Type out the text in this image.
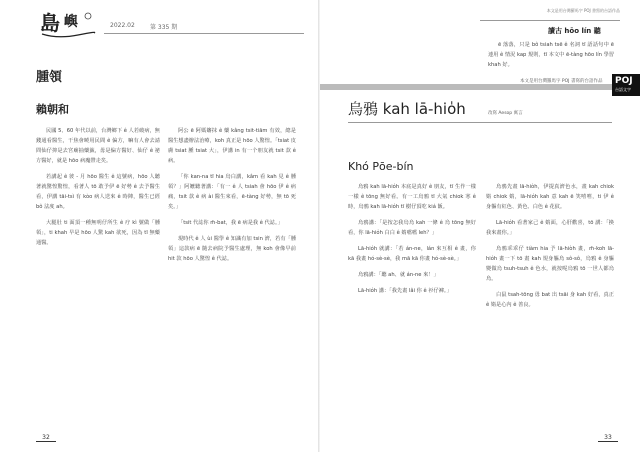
島 嶼	2022.02	第 335 期
腫領
賴朝和

民國 5、60 年代以前，台灣鄉下 ê 人若破病，無錢通看醫生，干焦會曉用民間 ê 偏方，嘛有人會去請問仙仔抑是去宮廟抽藥籤，毋是偏方醫好、仙仔 ê 祕方醫好，就是 hōo 病魔帶走矣。

若講起 ê 彼 - 月 hōo 醫生 ê 這號病，hōo 人聽著就驚惶驚惶，看著人 tō 敢予伊 ē 好勢 ê 去予醫生看，伊講 tāi-tsì 有 kòo 病人送來 ê 時陣，醫生已經 bô 法度 ah。

大腿肚 ti 面頂一種無明仔所生 ê 疗 kì 號做「腫領」，ti khah 早是 hōo 人驚 kah 欲死，因為 tī 無藥通醫。

阿公 ē 阿媽嬸抹 ê 藥 kâng tsit-tiām 有效，總是醫生想盡辦法治療，koh 真正是 hōo 人驚惶。「tsiat 皮膚 tsiat 腫 tsiat 大」，伊講 in 有一个朋友就 tsit 款 ê 病。

「你 kan-na tī hia 烏白講，kâm 看 kah 見 ê 腫領？」阿嬤聽著講：「有一 ê 人 tsiah 會 hōo 伊 ê 病痛，tsit 款 ê 病 ài 醫生來看，ē-tàng 好勢，無 tō 死矣。」

「tsit 代誌你 m̄-bat，我 ē 病是我 ê 代誌。」

現時代 ê 人 ùi 醫學 ê 知識有加 tsin 濟，若有「腫領」這款病 ē 隨去病院予醫生處理，無 koh 會像早前 hit 款 hōo 人驚惶 ê 代誌。

32
本文是用台灣羅馬字 POJ 書寫的台語作品
讀古 hōo lín 聽

ē 落落，只是 bô tsiah tsē ê 名詞 tī 語話句中 ē 連用 ê 情況 kap 規則，tī 本文中 ē-tàng hōo lín 學習 khah 好。

本文是用台灣羅馬字 POJ 書寫的台語作品 POJ
台語文字
烏鴉 kah lā-hio̍h	改寫 Aesop 寓言
Khó Pōe-bín

烏鴉 kah lā-hio̍h 本底是真好 ê 朋友，tī 生作一樣一樣 ê tōng 無好看。有一工烏鴉 tī 大氣 chiok 寒 ê 時，烏鴉 kah lā-hio̍h tī 樹仔頂吃 kiá 飯。

烏鴉講：「是按怎我烏烏 kah 一條 ê 烏 tōng 無好看，你 lā-hio̍h 白白 ê 媠噹噹 leh？」

Lā-hio̍h 就講：「若 án-ne，lán 來互相 ê 畫，你 kā 我畫 hó-sè-sè，我 mā kā 你畫 hó-sè-sè。」

烏鴉講：「聽 ah、就 án-ne 來！」

Lā-hio̍h 講：「我先畫 lâi 你 ê 衫仔褲。」

烏鴉先畫 lā-hio̍h，伊提真濟色水，畫 kah chiok 媠 chiok 媠，lā-hio̍h kah 意 kah ē 笑嘻嘻，ti 伊 ê 身軀有紅色、黃色、白色 ê 花紋。

Lā-hio̍h 看著家己 ê 媠面，心肝歡喜，tō 講：「換我來畫你。」

烏鴉乖乖仔 tiàm hia 予 lā-hio̍h 畫，m̄-koh lā-hio̍h 畫一下 tō 畫 kah 規身軀烏 sô-sô，烏鴉 ê 身軀變做烏 tsuh-tsuh ê 色水，就按呢烏鴉 tō 一世人都烏烏。

白鼠 tsah-tōng 毋 bat 出 tsāi 身 kah 好看，真正 ê 媠是心內 ê 善良。

33
